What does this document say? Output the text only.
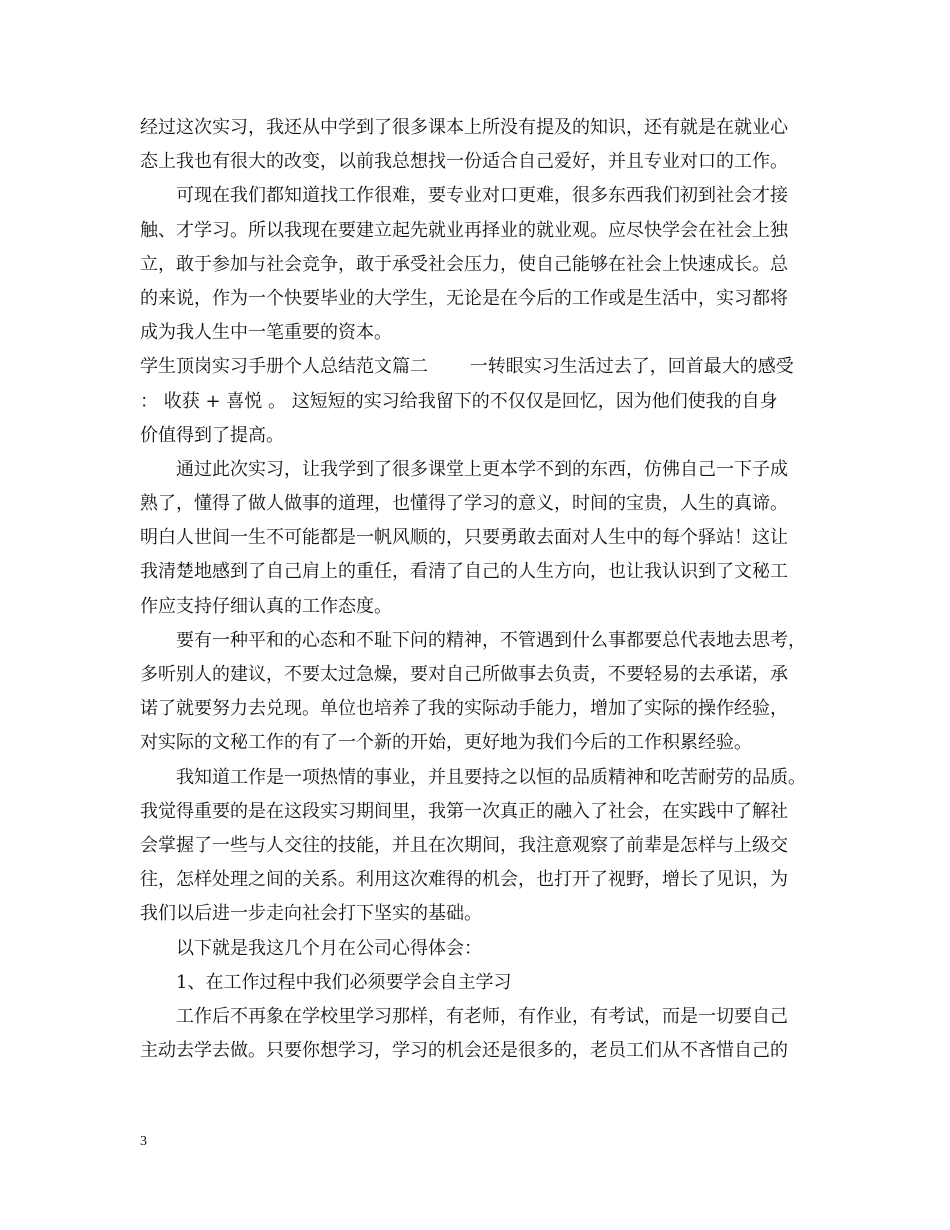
经过这次实习，我还从中学到了很多课本上所没有提及的知识，还有就是在就业心
态上我也有很大的改变，以前我总想找一份适合自己爱好，并且专业对口的工作。
可现在我们都知道找工作很难，要专业对口更难，很多东西我们初到社会才接
触、才学习。所以我现在要建立起先就业再择业的就业观。应尽快学会在社会上独
立，敢于参加与社会竞争，敢于承受社会压力，使自己能够在社会上快速成长。总
的来说，作为一个快要毕业的大学生，无论是在今后的工作或是生活中，实习都将
成为我人生中一笔重要的资本。
学生顶岗实习手册个人总结范文篇二　　 一转眼实习生活过去了，回首最大的感受
： 收获 + 喜悦 。 这短短的实习给我留下的不仅仅是回忆，因为他们使我的自身
价值得到了提高。
通过此次实习，让我学到了很多课堂上更本学不到的东西，仿佛自己一下子成
熟了，懂得了做人做事的道理，也懂得了学习的意义，时间的宝贵，人生的真谛。
明白人世间一生不可能都是一帆风顺的，只要勇敢去面对人生中的每个驿站！这让
我清楚地感到了自己肩上的重任，看清了自己的人生方向，也让我认识到了文秘工
作应支持仔细认真的工作态度。
要有一种平和的心态和不耻下问的精神，不管遇到什么事都要总代表地去思考，
多听别人的建议，不要太过急燥，要对自己所做事去负责，不要轻易的去承诺，承
诺了就要努力去兑现。单位也培养了我的实际动手能力，增加了实际的操作经验，
对实际的文秘工作的有了一个新的开始，更好地为我们今后的工作积累经验。
我知道工作是一项热情的事业，并且要持之以恒的品质精神和吃苦耐劳的品质。
我觉得重要的是在这段实习期间里，我第一次真正的融入了社会，在实践中了解社
会掌握了一些与人交往的技能，并且在次期间，我注意观察了前辈是怎样与上级交
往，怎样处理之间的关系。利用这次难得的机会，也打开了视野，增长了见识，为
我们以后进一步走向社会打下坚实的基础。
以下就是我这几个月在公司心得体会：
1、在工作过程中我们必须要学会自主学习
工作后不再象在学校里学习那样，有老师，有作业，有考试，而是一切要自己
主动去学去做。只要你想学习，学习的机会还是很多的，老员工们从不吝惜自己的
3
